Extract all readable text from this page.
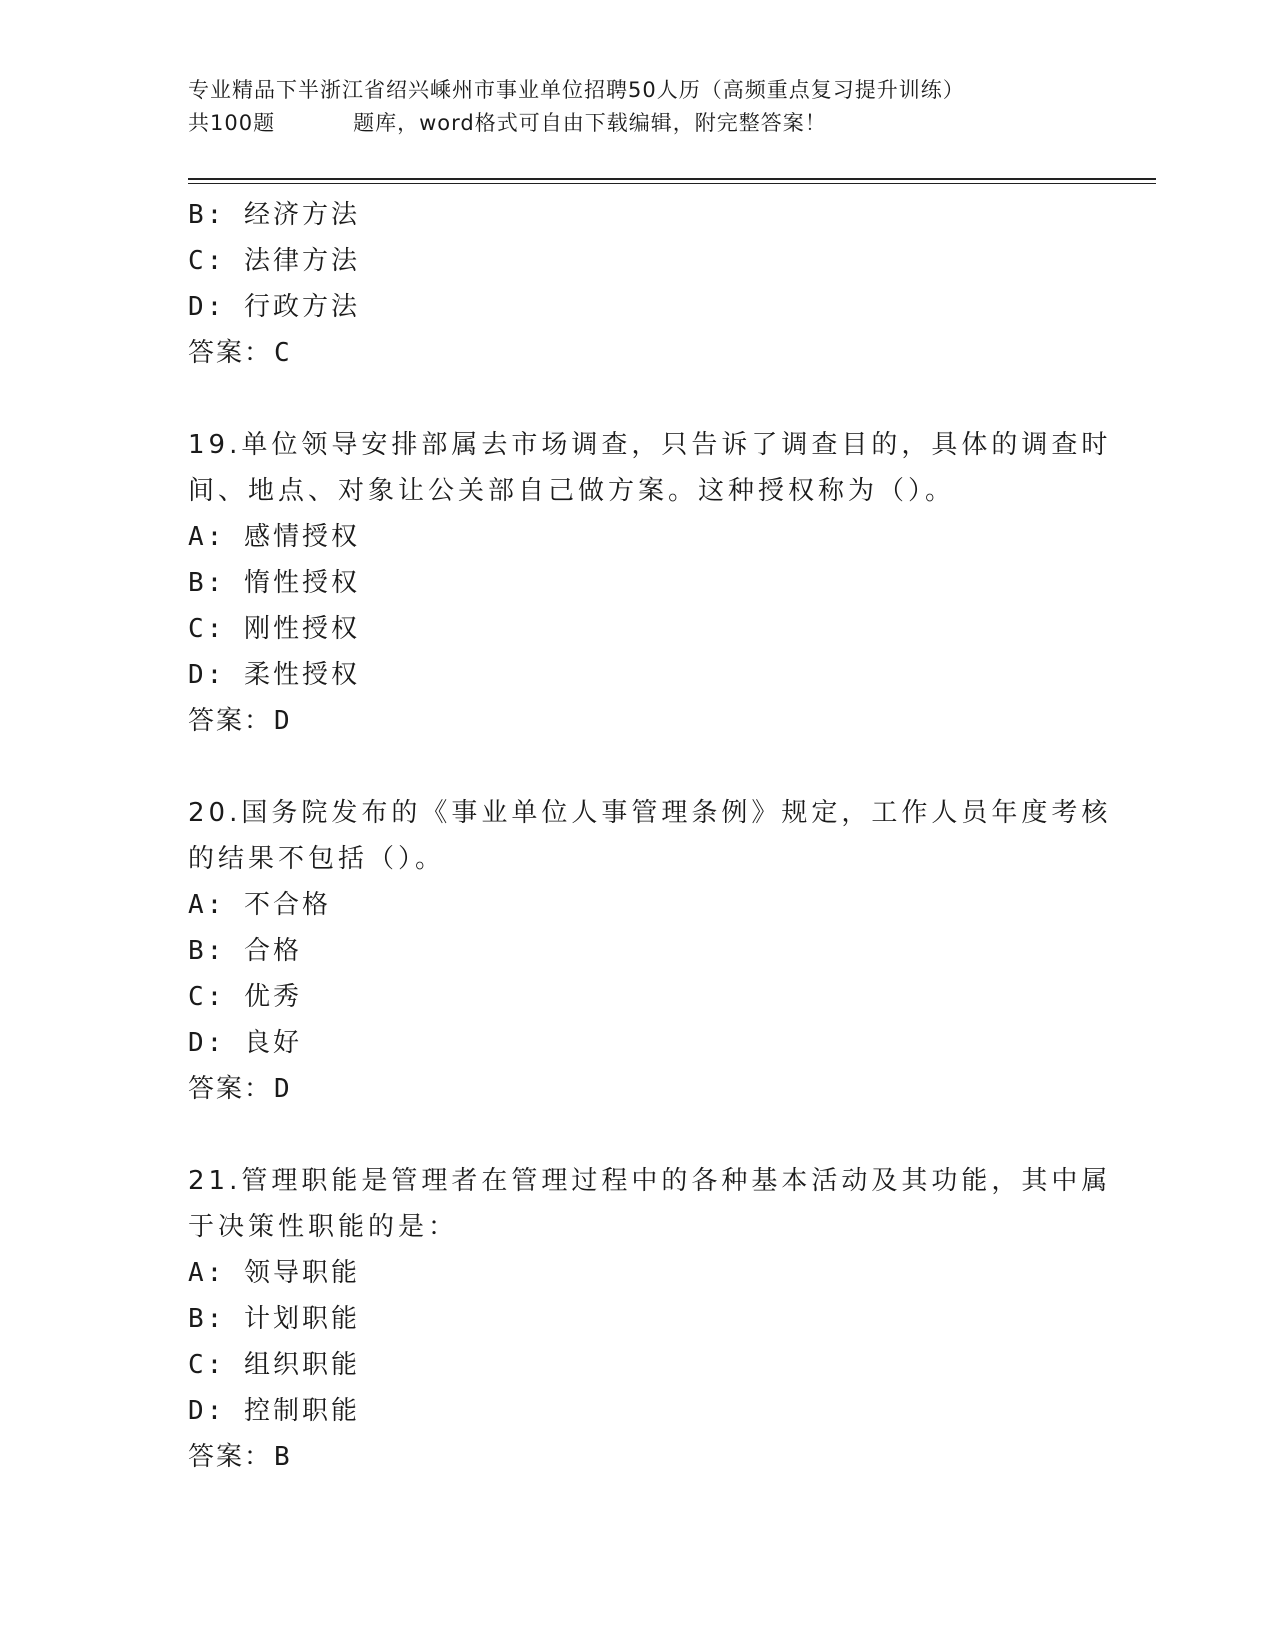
专业精品下半浙江省绍兴嵊州市事业单位招聘50人历（高频重点复习提升训练）
共100题	题库，word格式可自由下载编辑，附完整答案！
B: 经济方法
C: 法律方法
D: 行政方法
答案：C
19.单位领导安排部属去市场调查，只告诉了调查目的，具体的调查时
间、地点、对象让公关部自己做方案。这种授权称为（）。
A: 感情授权
B: 惰性授权
C: 刚性授权
D: 柔性授权
答案：D
20.国务院发布的《事业单位人事管理条例》规定，工作人员年度考核
的结果不包括（）。
A: 不合格
B: 合格
C: 优秀
D: 良好
答案：D
21.管理职能是管理者在管理过程中的各种基本活动及其功能，其中属
于决策性职能的是：
A: 领导职能
B: 计划职能
C: 组织职能
D: 控制职能
答案：B
